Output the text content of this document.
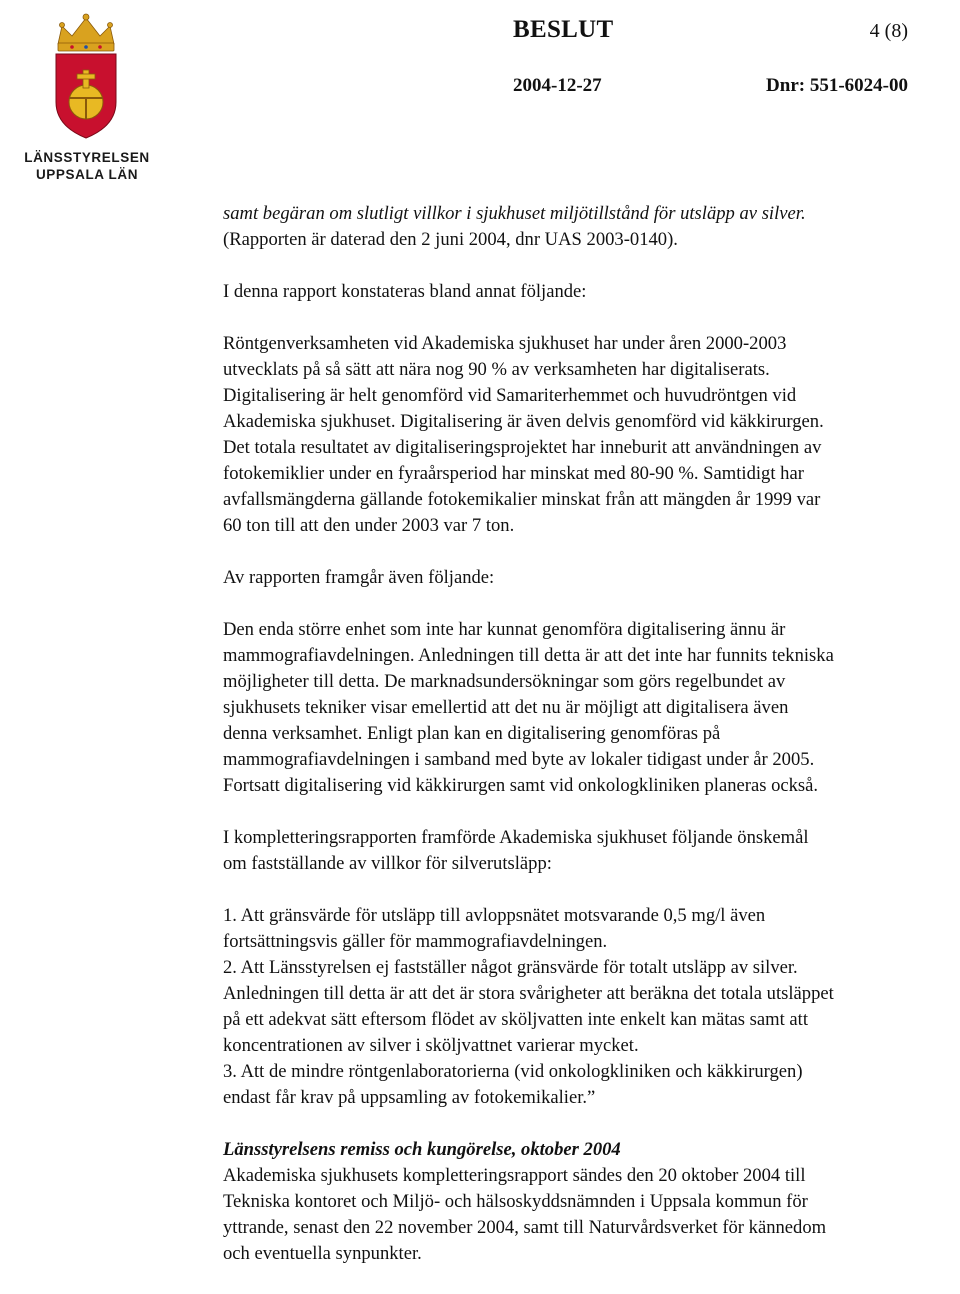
LÄNSSTYRELSEN
UPPSALA LÄN
BESLUT	4 (8)
2004-12-27	Dnr: 551-6024-00

samt begäran om slutligt villkor i sjukhuset miljötillstånd för utsläpp av silver.
(Rapporten är daterad den 2 juni 2004, dnr UAS 2003-0140).

I denna rapport konstateras bland annat följande:

Röntgenverksamheten vid Akademiska sjukhuset har under åren 2000-2003
utvecklats på så sätt att nära nog 90 % av verksamheten har digitaliserats.
Digitalisering är helt genomförd vid Samariterhemmet och huvudröntgen vid
Akademiska sjukhuset. Digitalisering är även delvis genomförd vid käkkirurgen.
Det totala resultatet av digitaliseringsprojektet har inneburit att användningen av
fotokemiklier under en fyraårsperiod har minskat med 80-90 %. Samtidigt har
avfallsmängderna gällande fotokemikalier minskat från att mängden år 1999 var
60 ton till att den under 2003 var 7 ton.

Av rapporten framgår även följande:

Den enda större enhet som inte har kunnat genomföra digitalisering ännu är
mammografiavdelningen. Anledningen till detta är att det inte har funnits tekniska
möjligheter till detta. De marknadsundersökningar som görs regelbundet av
sjukhusets tekniker visar emellertid att det nu är möjligt att digitalisera även
denna verksamhet. Enligt plan kan en digitalisering genomföras på
mammografiavdelningen i samband med byte av lokaler tidigast under år 2005.
Fortsatt digitalisering vid käkkirurgen samt vid onkologkliniken planeras också.

I kompletteringsrapporten framförde Akademiska sjukhuset följande önskemål
om fastställande av villkor för silverutsläpp:

1. Att gränsvärde för utsläpp till avloppsnätet motsvarande 0,5 mg/l även
fortsättningsvis gäller för mammografiavdelningen.
2. Att Länsstyrelsen ej fastställer något gränsvärde för totalt utsläpp av silver.
Anledningen till detta är att det är stora svårigheter att beräkna det totala utsläppet
på ett adekvat sätt eftersom flödet av sköljvatten inte enkelt kan mätas samt att
koncentrationen av silver i sköljvattnet varierar mycket.
3. Att de mindre röntgenlaboratorierna (vid onkologkliniken och käkkirurgen)
endast får krav på uppsamling av fotokemikalier.”

Länsstyrelsens remiss och kungörelse, oktober 2004
Akademiska sjukhusets kompletteringsrapport sändes den 20 oktober 2004 till
Tekniska kontoret och Miljö- och hälsoskyddsnämnden i Uppsala kommun för
yttrande, senast den 22 november 2004, samt till Naturvårdsverket för kännedom
och eventuella synpunkter.
